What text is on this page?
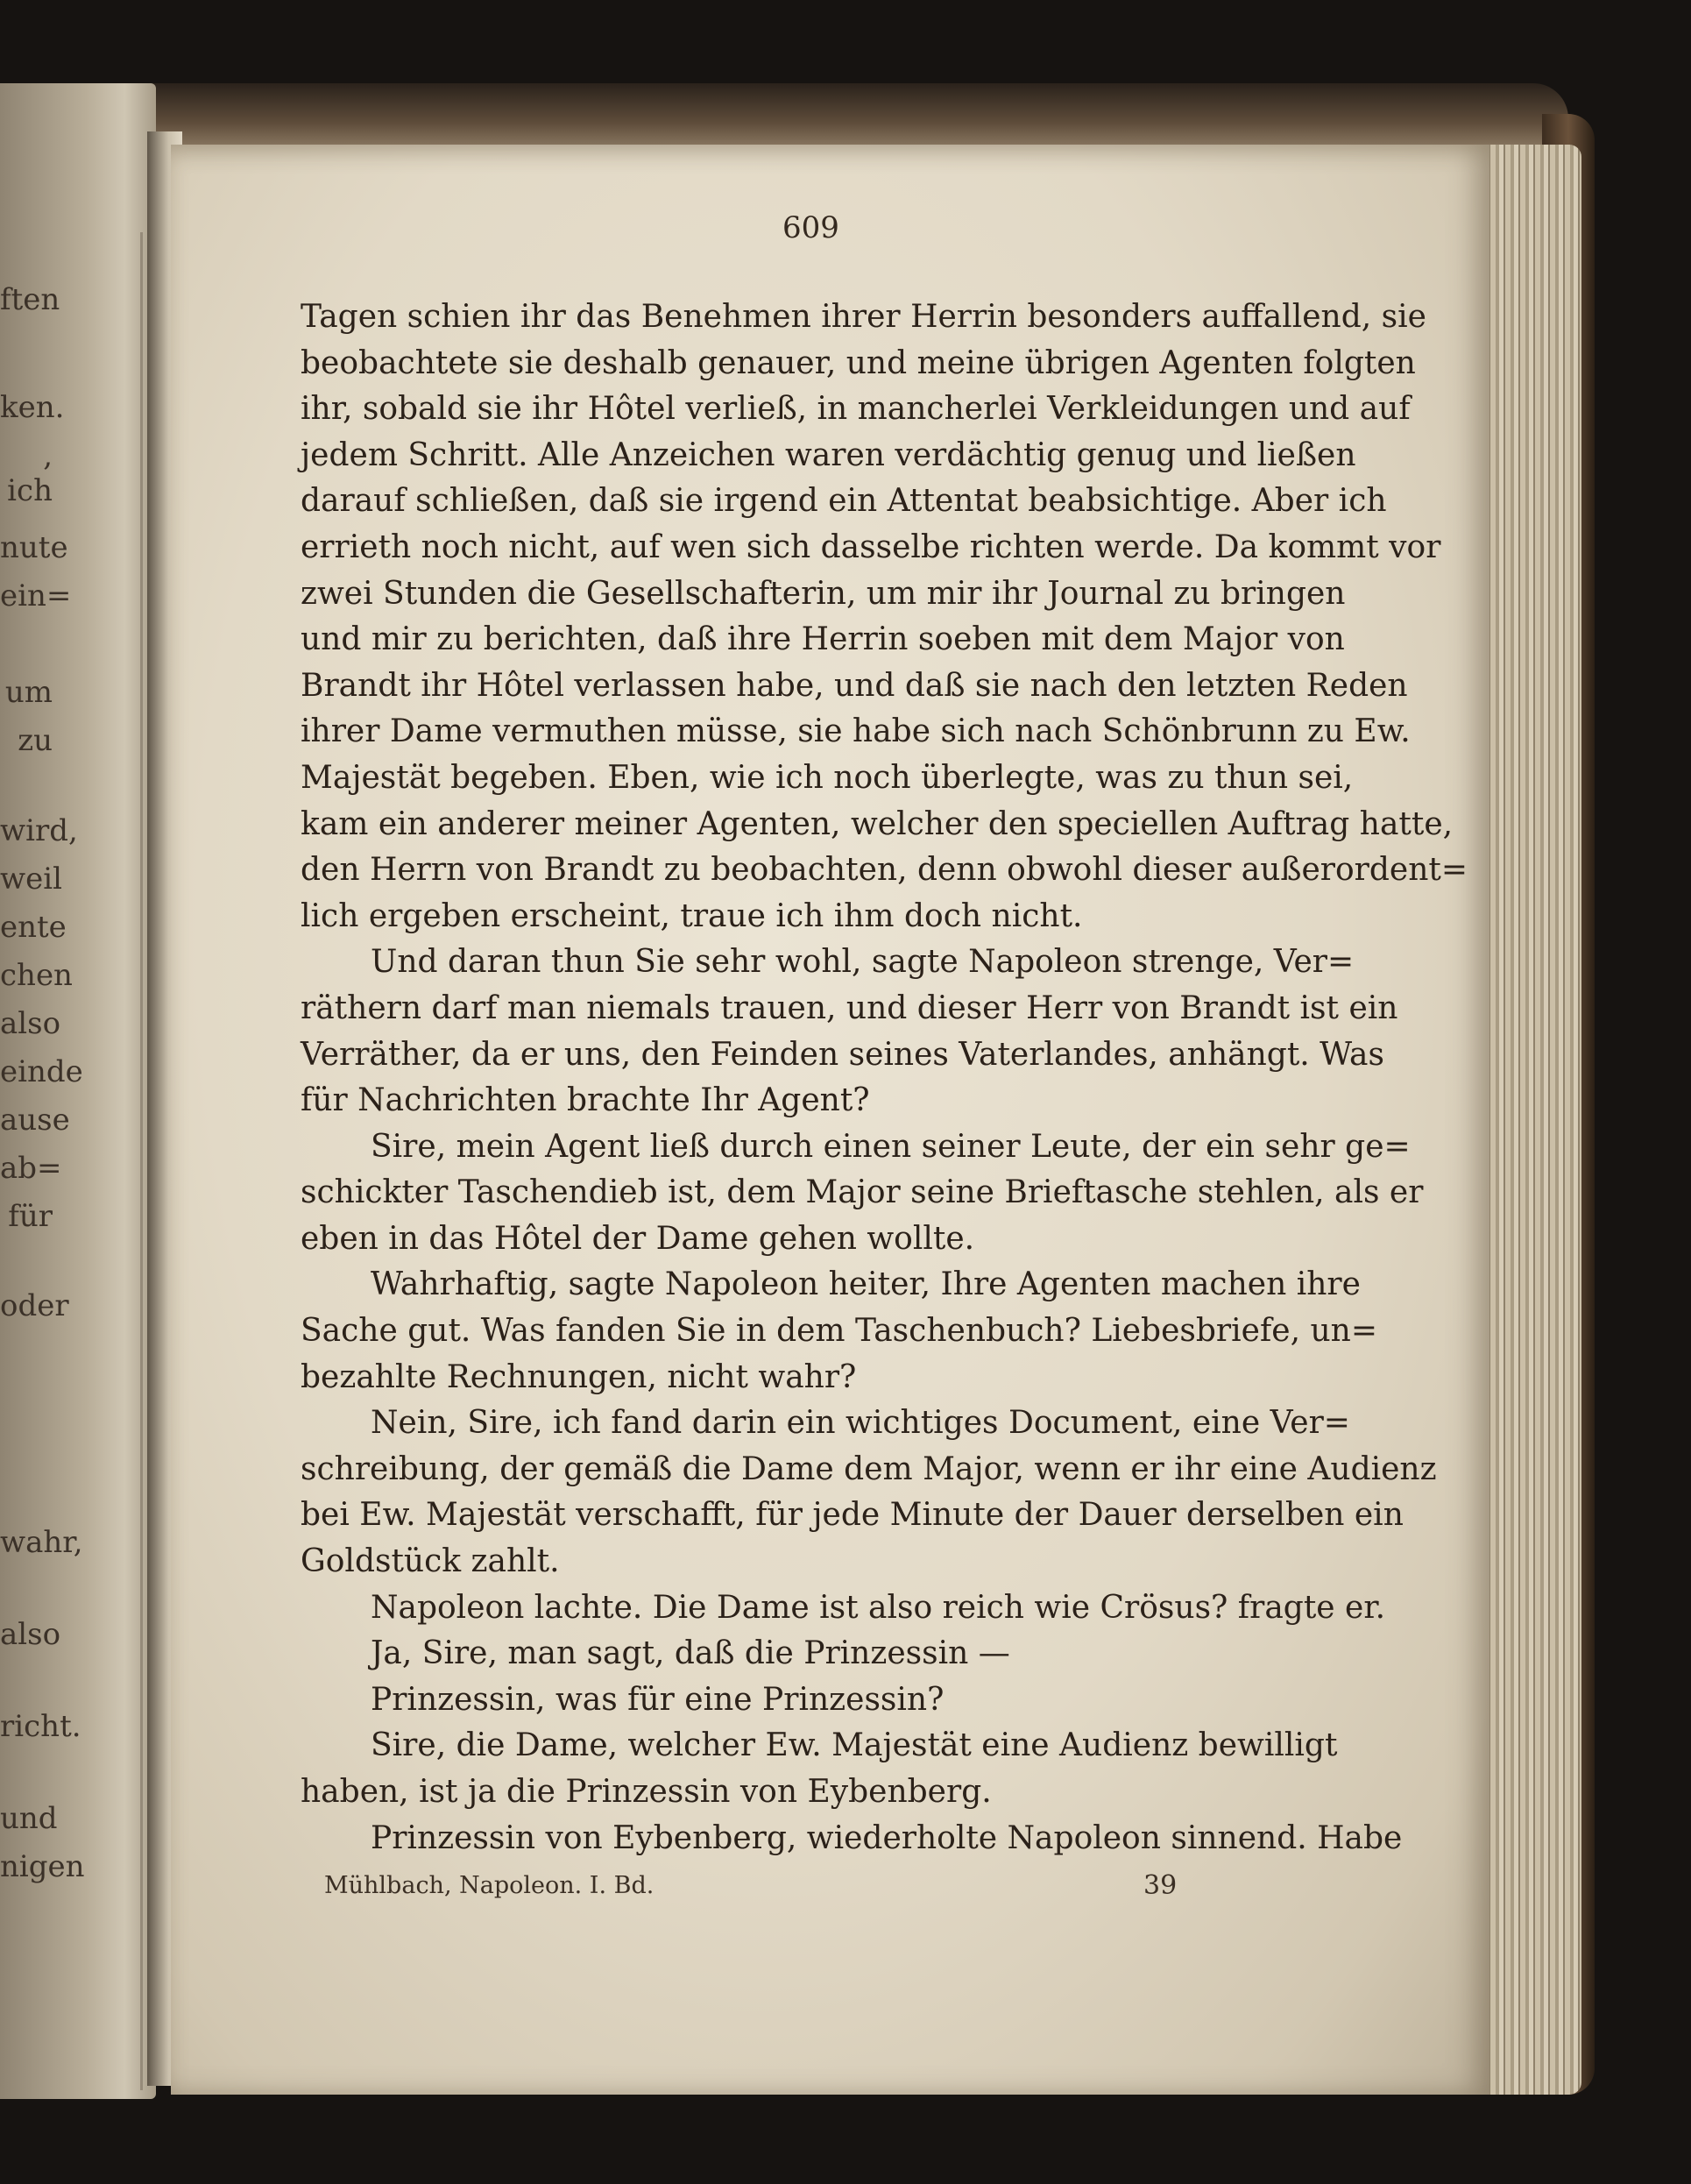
ften
ken.
, ich
nute
ein=
um
zu
wird,
weil
ente
chen
also
einde
ause
ab=
für
oder
wahr,
also
richt.
und
nigen
609
Tagen schien ihr das Benehmen ihrer Herrin besonders auffallend, sie
beobachtete sie deshalb genauer, und meine übrigen Agenten folgten
ihr, sobald sie ihr Hôtel verließ, in mancherlei Verkleidungen und auf
jedem Schritt. Alle Anzeichen waren verdächtig genug und ließen
darauf schließen, daß sie irgend ein Attentat beabsichtige. Aber ich
errieth noch nicht, auf wen sich dasselbe richten werde. Da kommt vor
zwei Stunden die Gesellschafterin, um mir ihr Journal zu bringen
und mir zu berichten, daß ihre Herrin soeben mit dem Major von
Brandt ihr Hôtel verlassen habe, und daß sie nach den letzten Reden
ihrer Dame vermuthen müsse, sie habe sich nach Schönbrunn zu Ew.
Majestät begeben. Eben, wie ich noch überlegte, was zu thun sei,
kam ein anderer meiner Agenten, welcher den speciellen Auftrag hatte,
den Herrn von Brandt zu beobachten, denn obwohl dieser außerordent=
lich ergeben erscheint, traue ich ihm doch nicht.
Und daran thun Sie sehr wohl, sagte Napoleon strenge, Ver=
räthern darf man niemals trauen, und dieser Herr von Brandt ist ein
Verräther, da er uns, den Feinden seines Vaterlandes, anhängt. Was
für Nachrichten brachte Ihr Agent?
Sire, mein Agent ließ durch einen seiner Leute, der ein sehr ge=
schickter Taschendieb ist, dem Major seine Brieftasche stehlen, als er
eben in das Hôtel der Dame gehen wollte.
Wahrhaftig, sagte Napoleon heiter, Ihre Agenten machen ihre
Sache gut. Was fanden Sie in dem Taschenbuch? Liebesbriefe, un=
bezahlte Rechnungen, nicht wahr?
Nein, Sire, ich fand darin ein wichtiges Document, eine Ver=
schreibung, der gemäß die Dame dem Major, wenn er ihr eine Audienz
bei Ew. Majestät verschafft, für jede Minute der Dauer derselben ein
Goldstück zahlt.
Napoleon lachte. Die Dame ist also reich wie Crösus? fragte er.
Ja, Sire, man sagt, daß die Prinzessin —
Prinzessin, was für eine Prinzessin?
Sire, die Dame, welcher Ew. Majestät eine Audienz bewilligt
haben, ist ja die Prinzessin von Eybenberg.
Prinzessin von Eybenberg, wiederholte Napoleon sinnend. Habe
Mühlbach, Napoleon. I. Bd.	39
